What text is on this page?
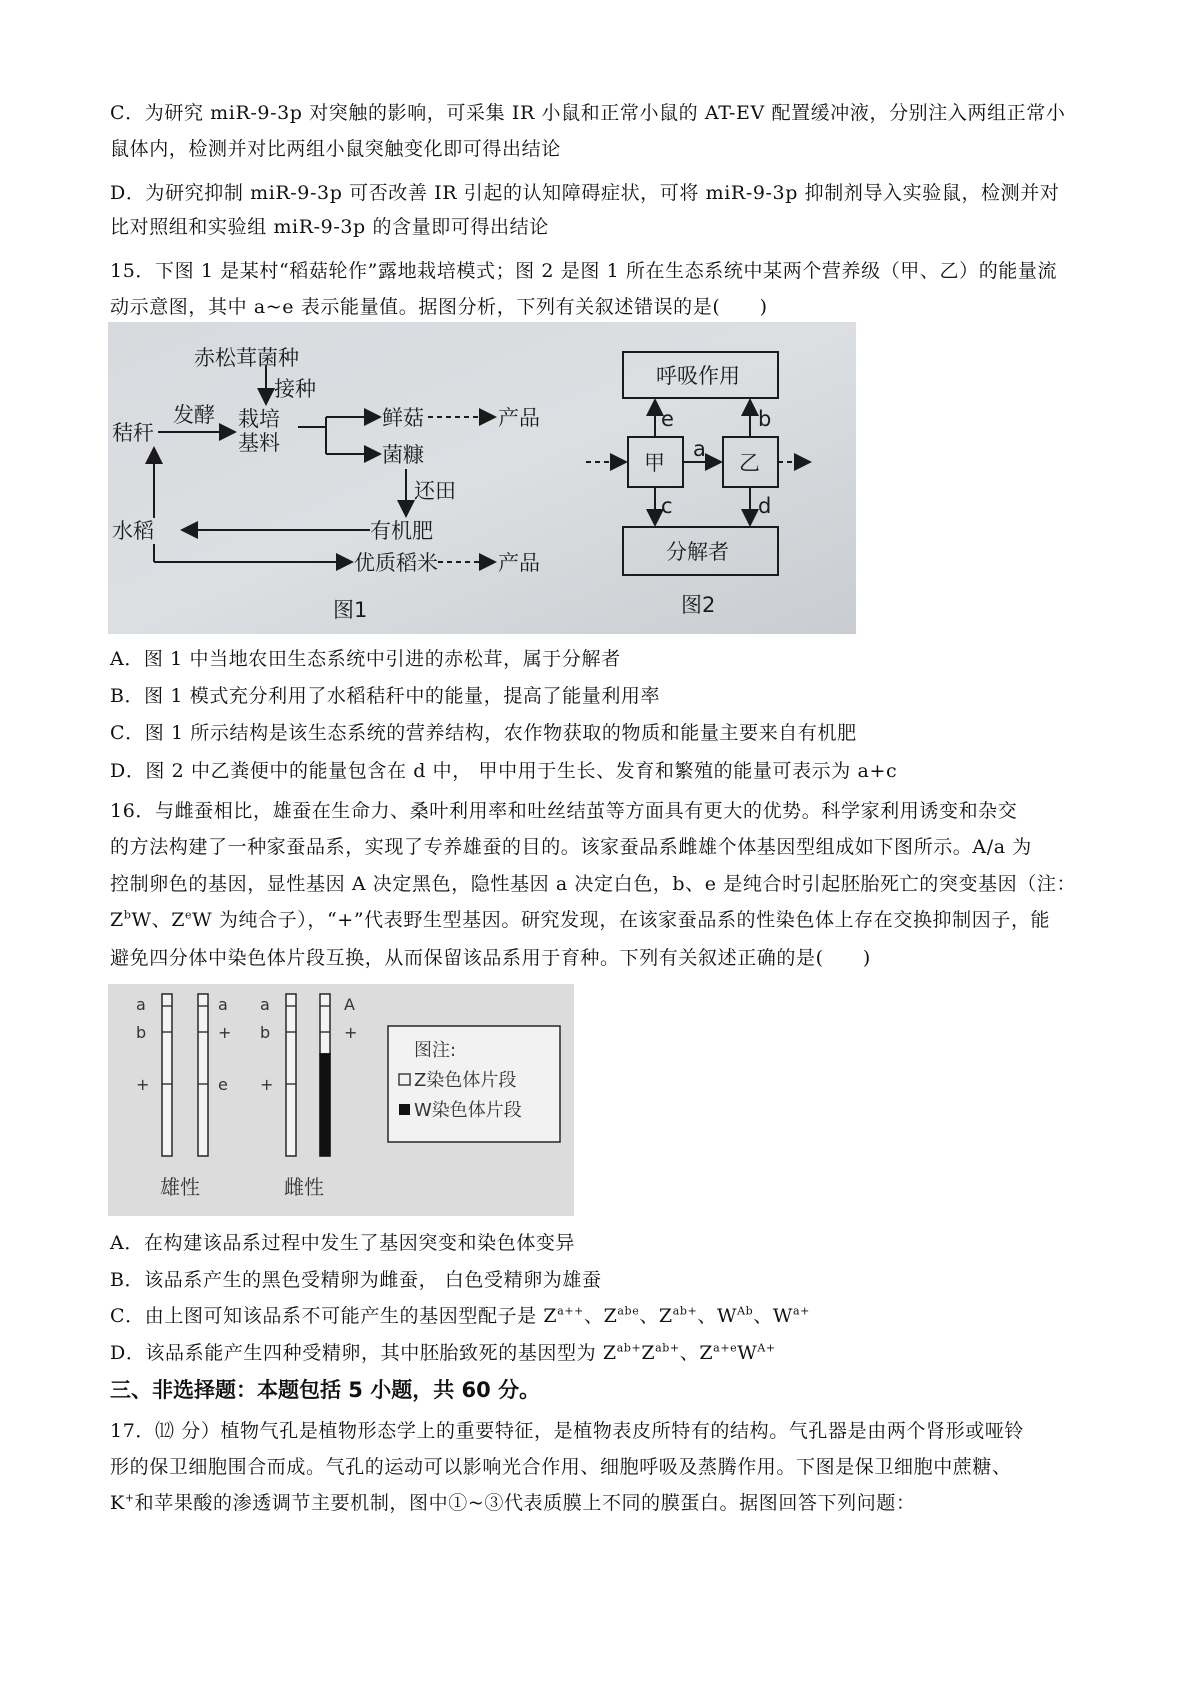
C．为研究 miR-9-3p 对突触的影响，可采集 IR 小鼠和正常小鼠的 AT-EV 配置缓冲液，分别注入两组正常小
鼠体内，检测并对比两组小鼠突触变化即可得出结论
D．为研究抑制 miR-9-3p 可否改善 IR 引起的认知障碍症状，可将 miR-9-3p 抑制剂导入实验鼠，检测并对
比对照组和实验组 miR-9-3p 的含量即可得出结论
15．下图 1 是某村“稻菇轮作”露地栽培模式；图 2 是图 1 所在生态系统中某两个营养级（甲、乙）的能量流
动示意图，其中 a~e 表示能量值。据图分析，下列有关叙述错误的是(　　)
赤松茸菌种
接种
发酵
秸秆
栽培
基料
鲜菇	产品
菌糠
还田
水稻	有机肥
优质稻米	产品
图1
呼吸作用
甲	乙
分解者
a
b
c	d
e
图2
A．图 1 中当地农田生态系统中引进的赤松茸，属于分解者
B．图 1 模式充分利用了水稻秸秆中的能量，提高了能量利用率
C．图 1 所示结构是该生态系统的营养结构，农作物获取的物质和能量主要来自有机肥
D．图 2 中乙粪便中的能量包含在 d 中， 甲中用于生长、发育和繁殖的能量可表示为 a+c
16．与雌蚕相比，雄蚕在生命力、桑叶利用率和吐丝结茧等方面具有更大的优势。科学家利用诱变和杂交
的方法构建了一种家蚕品系，实现了专养雄蚕的目的。该家蚕品系雌雄个体基因型组成如下图所示。A/a 为
控制卵色的基因，显性基因 A 决定黑色，隐性基因 a 决定白色，b、e 是纯合时引起胚胎死亡的突变基因（注：
$Z^bW$、$Z^eW$ 为纯合子），“+”代表野生型基因。研究发现，在该家蚕品系的性染色体上存在交换抑制因子，能
避免四分体中染色体片段互换，从而保留该品系用于育种。下列有关叙述正确的是(　　)
a
b
+
a
+
e
a
b
+
A
+
雄性	雌性
图注:
Z染色体片段
W染色体片段
A．在构建该品系过程中发生了基因突变和染色体变异
B．该品系产生的黑色受精卵为雌蚕， 白色受精卵为雄蚕
C．由上图可知该品系不可能产生的基因型配子是 $Z^{a++}$、$Z^{abe}$、$Z^{ab+}$、$W^{Ab}$、$W^{a+}$
D．该品系能产生四种受精卵，其中胚胎致死的基因型为 $Z^{ab+}Z^{ab+}$、$Z^{a+e}W^{A+}$
三、非选择题：本题包括 5 小题，共 60 分。
17．⑿ 分）植物气孔是植物形态学上的重要特征，是植物表皮所特有的结构。气孔器是由两个肾形或哑铃
形的保卫细胞围合而成。气孔的运动可以影响光合作用、细胞呼吸及蒸腾作用。下图是保卫细胞中蔗糖、
K+和苹果酸的渗透调节主要机制，图中①~③代表质膜上不同的膜蛋白。据图回答下列问题：
